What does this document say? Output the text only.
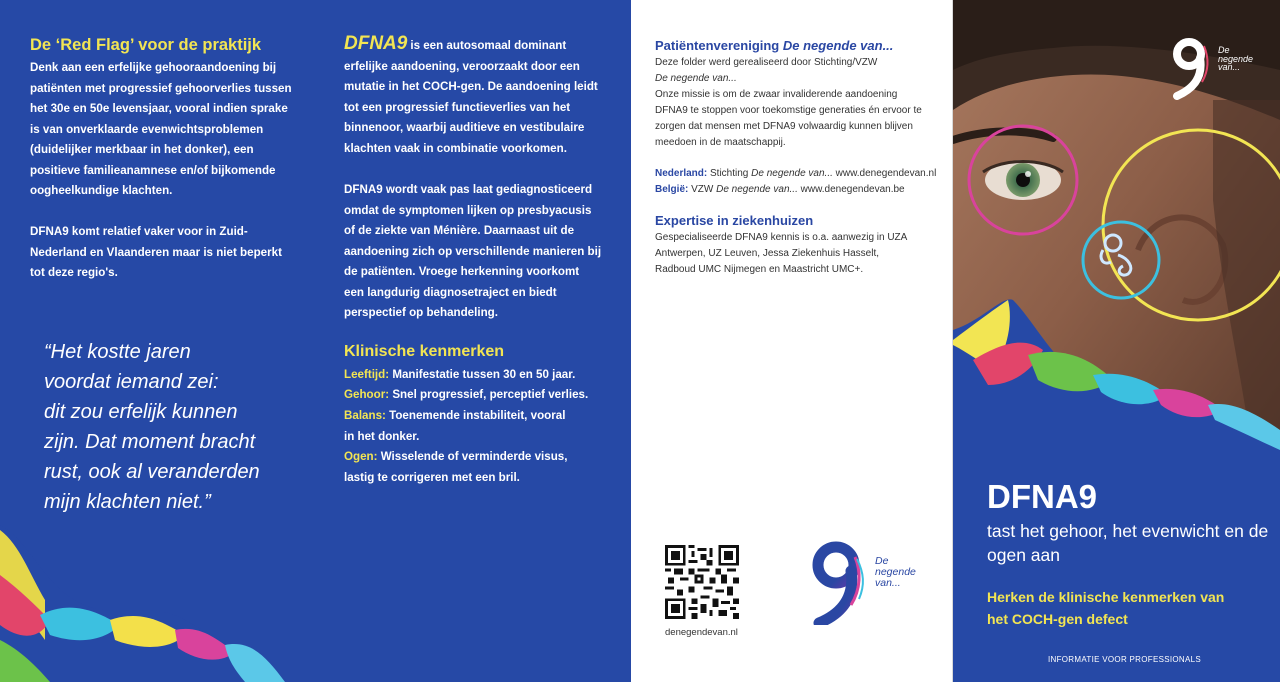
De ‘Red Flag’ voor de praktijk
Denk aan een erfelijke gehooraandoening bij patiënten met progressief gehoorverlies tussen het 30e en 50e levensjaar, vooral indien sprake is van onverklaarde evenwichtsproblemen (duidelijker merkbaar in het donker), een positieve familieanamnese en/of bijkomende oogheelkundige klachten.
DFNA9 komt relatief vaker voor in Zuid-Nederland en Vlaanderen maar is niet beperkt tot deze regio's.
“Het kostte jaren
voordat iemand zei:
dit zou erfelijk kunnen
zijn. Dat moment bracht
rust, ook al veranderden
mijn klachten niet.”
DFNA9 is een autosomaal dominant erfelijke aandoening, veroorzaakt door een mutatie in het COCH-gen. De aandoening leidt tot een progressief functieverlies van het binnenoor, waarbij auditieve en vestibulaire klachten vaak in combinatie voorkomen.
DFNA9 wordt vaak pas laat gediagnosticeerd omdat de symptomen lijken op presbyacusis of de ziekte van Ménière. Daarnaast uit de aandoening zich op verschillende manieren bij de patiënten. Vroege herkenning voorkomt een langdurig diagnosetraject en biedt perspectief op behandeling.
Klinische kenmerken
Leeftijd: Manifestatie tussen 30 en 50 jaar.
Gehoor: Snel progressief, perceptief verlies.
Balans: Toenemende instabiliteit, vooral in het donker.
Ogen: Wisselende of verminderde visus, lastig te corrigeren met een bril.
Patiëntenvereniging De negende van...
Deze folder werd gerealiseerd door Stichting/VZW
De negende van...
Onze missie is om de zwaar invaliderende aandoening DFNA9 te stoppen voor toekomstige generaties én ervoor te zorgen dat mensen met DFNA9 volwaardig kunnen blijven meedoen in de maatschappij.
Nederland: Stichting De negende van... www.denegendevan.nl
België: VZW De negende van... www.denegendevan.be
Expertise in ziekenhuizen
Gespecialiseerde DFNA9 kennis is o.a. aanwezig in UZA Antwerpen, UZ Leuven, Jessa Ziekenhuis Hasselt, Radboud UMC Nijmegen en Maastricht UMC+.
denegendevan.nl
De
negende
van...
De
negende
van...
DFNA9
tast het gehoor, het evenwicht en de ogen aan
Herken de klinische kenmerken van het COCH-gen defect
INFORMATIE VOOR PROFESSIONALS
